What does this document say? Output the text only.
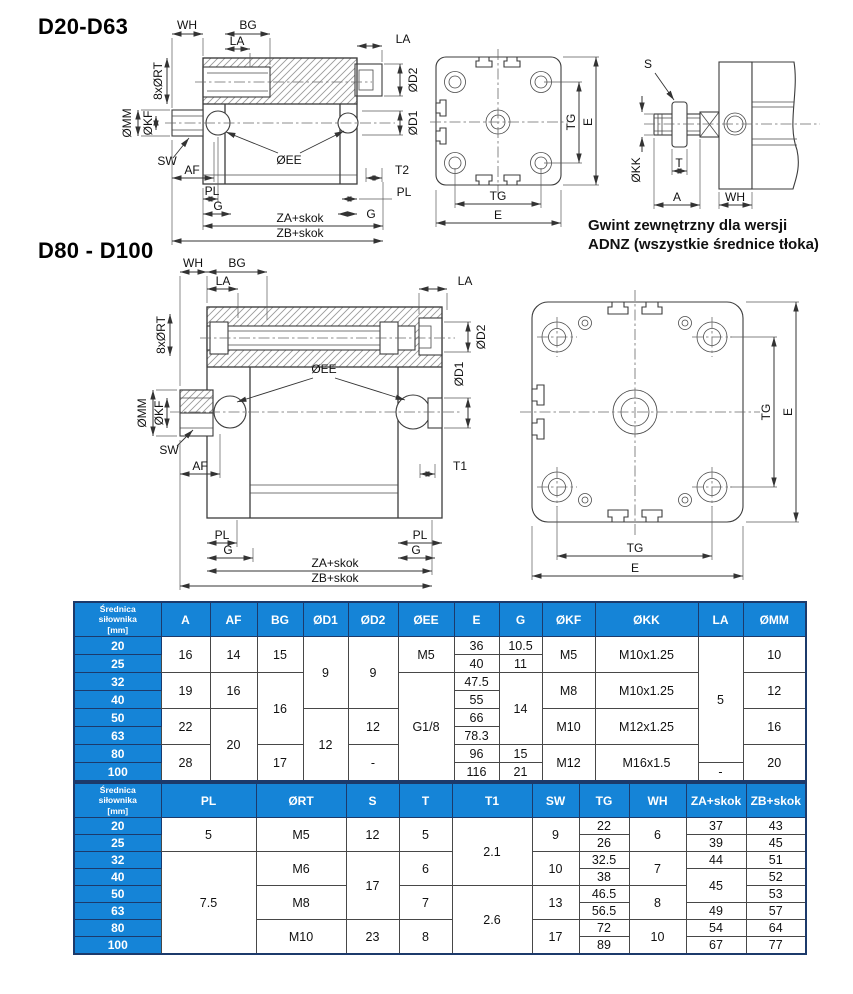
D20-D63
D80 - D100
Gwint zewnętrzny dla wersji
ADNZ (wszystkie średnice tłoka)
WH	BG
LA	LA
8xØRT	ØD2
ØD1
ØMM ØKF
SW
AF
ØEE
T2
PL
G
PL
G
ZA+skok
ZB+skok
TG E
TG
E
S
ØKK	T
A	WH
WH BG
LA	LA
8xØRT	ØD2
ØD1
ØMM ØKF
SW
ØEE
AF	T1
PL
G
PL
G
ZA+skok
ZB+skok
TG E
TG
E
Średnica
siłownika
[mm]	A	AF	BG	ØD1	ØD2	ØEE	E	G	ØKF	ØKK	LA	ØMM
20	16	14	15	9	9	M5	36	10.5	M5	M10x1.25	5	10
25							40	11				
32	19	16	16			G1/8	47.5	14	M8	M10x1.25		12
40							55					
50	22	20		12	12		66		M10	M12x1.25		16
63							78.3					
80	28		17		-		96	15	M12	M16x1.5		20
100							116	21			-	
Średnica
siłownika
[mm]	PL	ØRT	S	T	T1	SW	TG	WH	ZA+skok	ZB+skok
20	5	M5	12	5	2.1	9	22	6	37	43
25							26		39	45
32	7.5	M6	17	6		10	32.5	7	44	51
40							38		45	52
50		M8		7	2.6	13	46.5	8		53
63							56.5		49	57
80		M10	23	8		17	72	10	54	64
100							89		67	77
